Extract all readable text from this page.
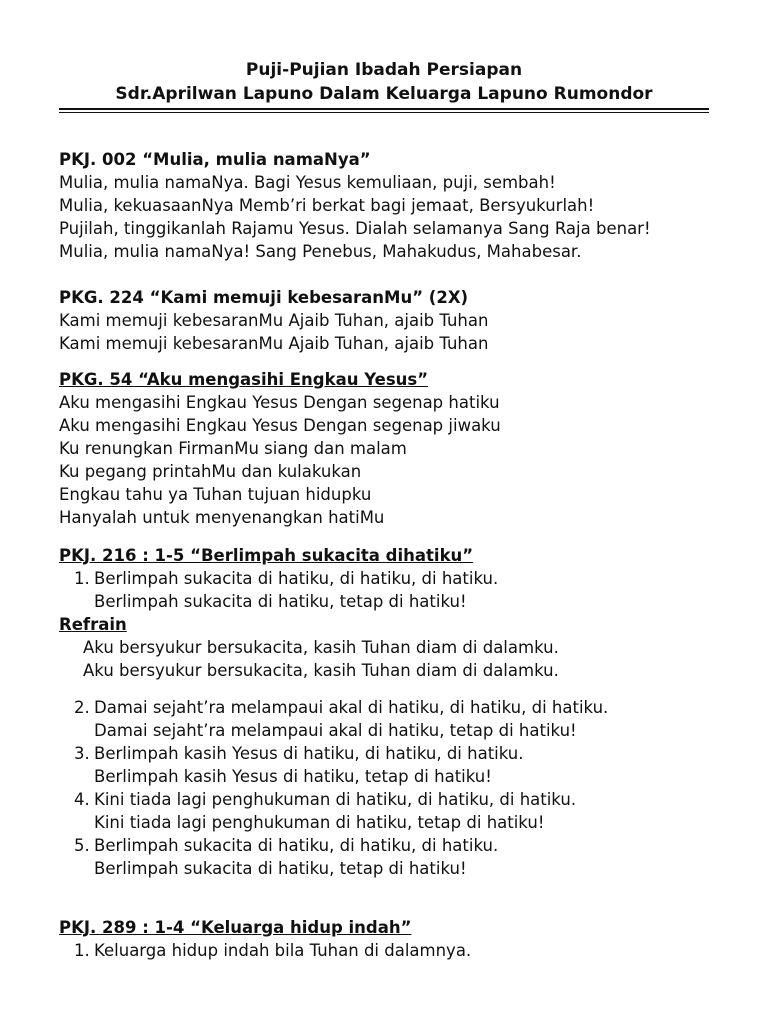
Puji-Pujian Ibadah Persiapan
Sdr.Aprilwan Lapuno Dalam Keluarga Lapuno Rumondor
PKJ. 002 “Mulia, mulia namaNya”
Mulia, mulia namaNya. Bagi Yesus kemuliaan, puji, sembah!
Mulia, kekuasaanNya Memb’ri berkat bagi jemaat, Bersyukurlah!
Pujilah, tinggikanlah Rajamu Yesus. Dialah selamanya Sang Raja benar!
Mulia, mulia namaNya! Sang Penebus, Mahakudus, Mahabesar.
PKG. 224 “Kami memuji kebesaranMu” (2X)
Kami memuji kebesaranMu Ajaib Tuhan, ajaib Tuhan
Kami memuji kebesaranMu Ajaib Tuhan, ajaib Tuhan
PKG. 54 “Aku mengasihi Engkau Yesus”
Aku mengasihi Engkau Yesus Dengan segenap hatiku
Aku mengasihi Engkau Yesus Dengan segenap jiwaku
Ku renungkan FirmanMu siang dan malam
Ku pegang printahMu dan kulakukan
Engkau tahu ya Tuhan tujuan hidupku
Hanyalah untuk menyenangkan hatiMu
PKJ. 216 : 1-5 “Berlimpah sukacita dihatiku”
1. Berlimpah sukacita di hatiku, di hatiku, di hatiku.
Berlimpah sukacita di hatiku, tetap di hatiku!
Refrain
Aku bersyukur bersukacita, kasih Tuhan diam di dalamku.
Aku bersyukur bersukacita, kasih Tuhan diam di dalamku.
2. Damai sejaht’ra melampaui akal di hatiku, di hatiku, di hatiku.
Damai sejaht’ra melampaui akal di hatiku, tetap di hatiku!
3. Berlimpah kasih Yesus di hatiku, di hatiku, di hatiku.
Berlimpah kasih Yesus di hatiku, tetap di hatiku!
4. Kini tiada lagi penghukuman di hatiku, di hatiku, di hatiku.
Kini tiada lagi penghukuman di hatiku, tetap di hatiku!
5. Berlimpah sukacita di hatiku, di hatiku, di hatiku.
Berlimpah sukacita di hatiku, tetap di hatiku!
PKJ. 289 : 1-4 “Keluarga hidup indah”
1. Keluarga hidup indah bila Tuhan di dalamnya.
